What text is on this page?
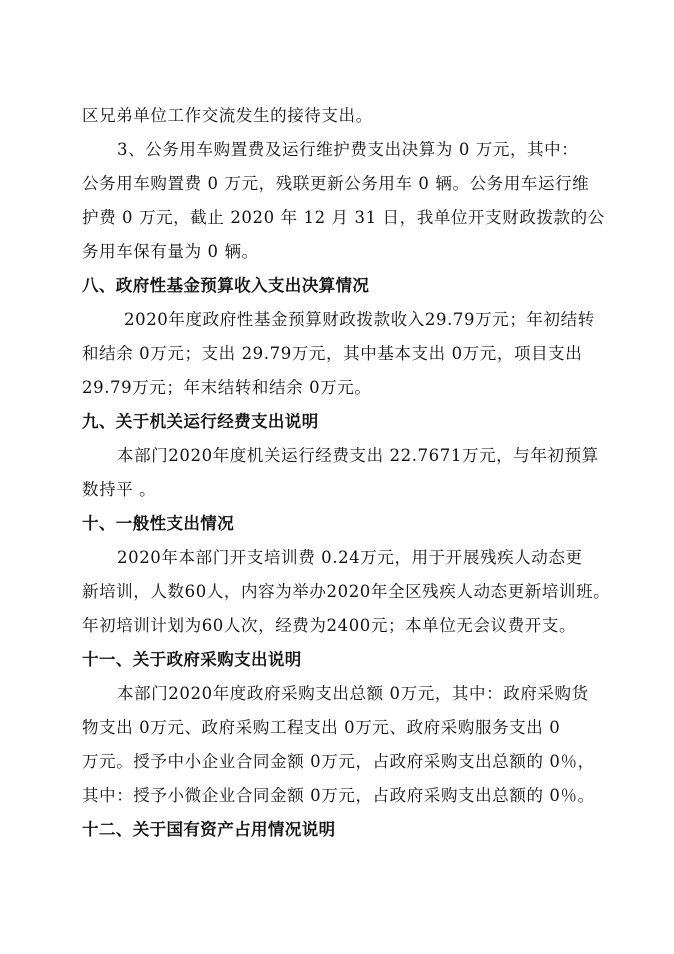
区兄弟单位工作交流发生的接待支出。
3、公务用车购置费及运行维护费支出决算为 0 万元，其中：
公务用车购置费 0 万元，残联更新公务用车 0 辆。公务用车运行维
护费 0 万元，截止 2020 年 12 月 31 日，我单位开支财政拨款的公
务用车保有量为 0 辆。
八、政府性基金预算收入支出决算情况
2020年度政府性基金预算财政拨款收入29.79万元；年初结转
和结余 0万元；支出 29.79万元，其中基本支出 0万元，项目支出
29.79万元；年末结转和结余 0万元。
九、关于机关运行经费支出说明
本部门2020年度机关运行经费支出 22.7671万元，与年初预算
数持平 。
十、一般性支出情况
2020年本部门开支培训费 0.24万元，用于开展残疾人动态更
新培训，人数60人，内容为举办2020年全区残疾人动态更新培训班。
年初培训计划为60人次，经费为2400元；本单位无会议费开支。
十一、关于政府采购支出说明
本部门2020年度政府采购支出总额 0万元，其中：政府采购货
物支出 0万元、政府采购工程支出 0万元、政府采购服务支出 0
万元。授予中小企业合同金额 0万元，占政府采购支出总额的 0％，
其中：授予小微企业合同金额 0万元，占政府采购支出总额的 0％。
十二、关于国有资产占用情况说明
